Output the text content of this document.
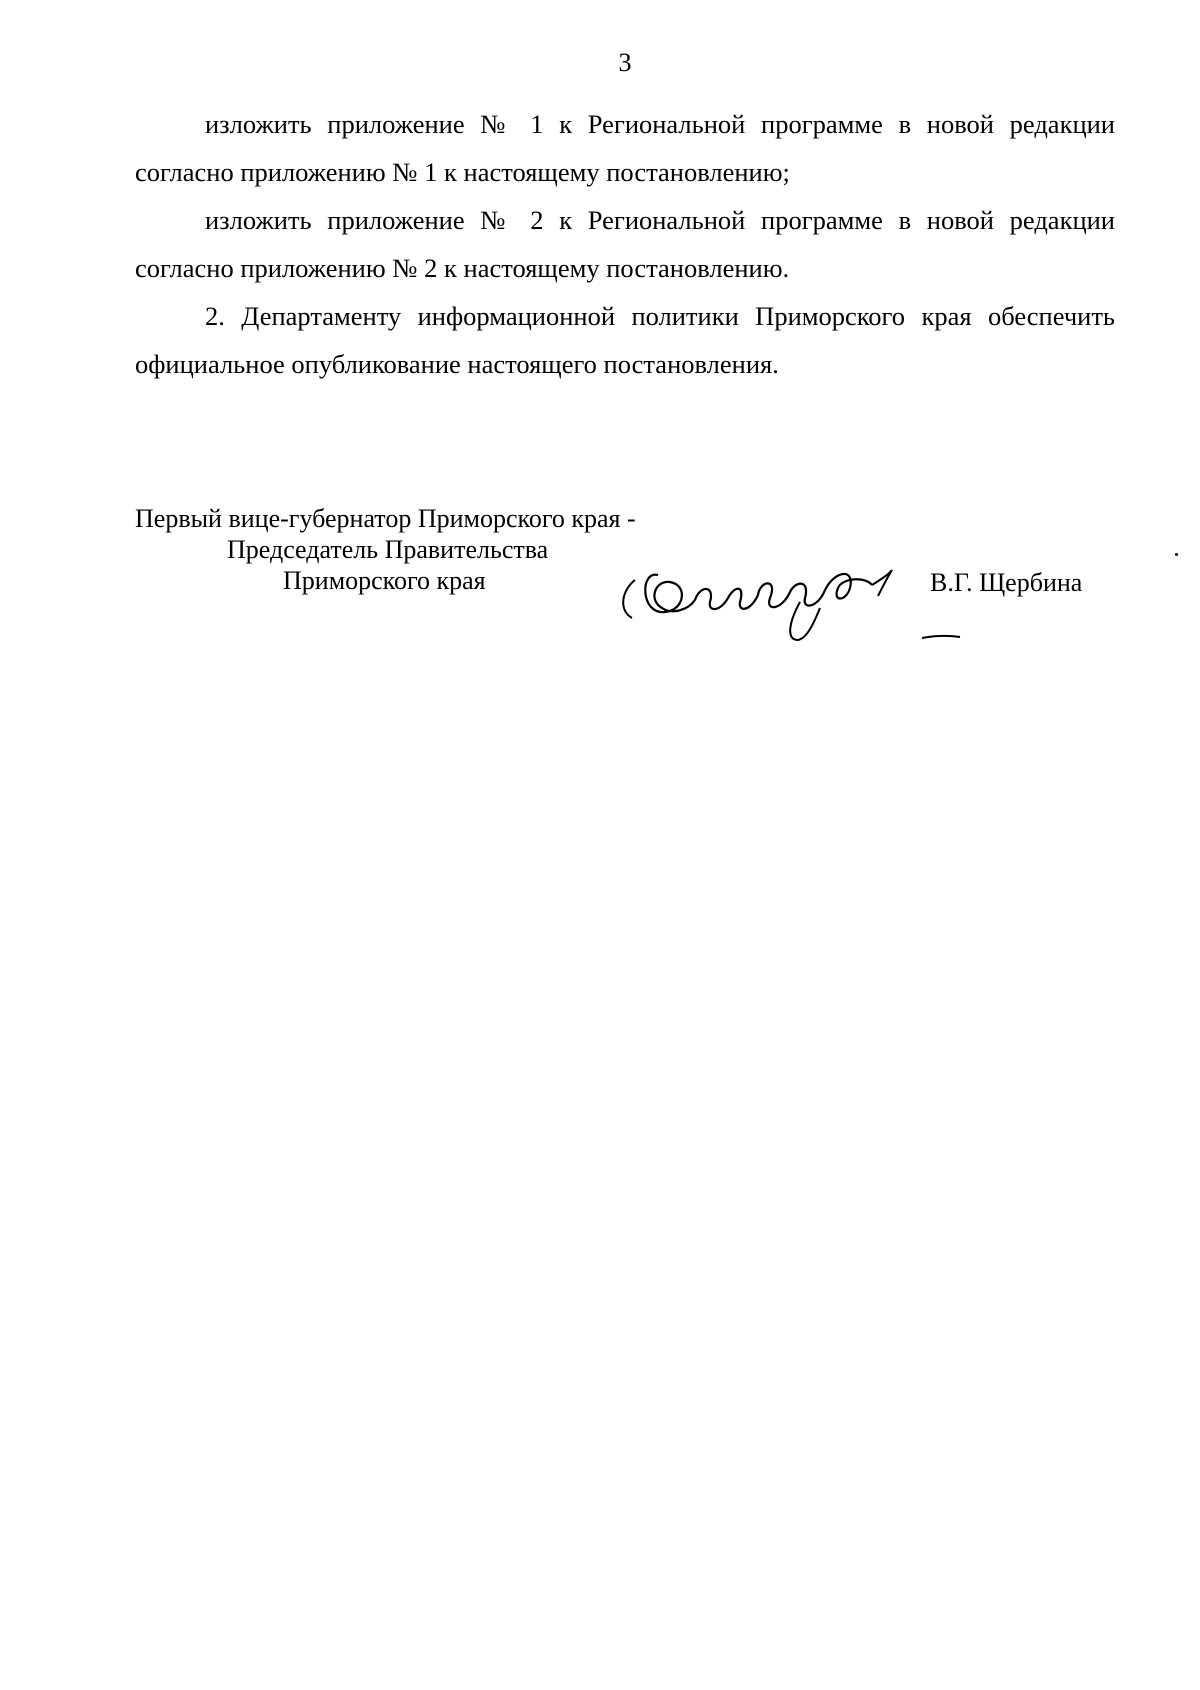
3

изложить приложение № 1 к Региональной программе в новой редакции согласно приложению № 1 к настоящему постановлению;

изложить приложение № 2 к Региональной программе в новой редакции согласно приложению № 2 к настоящему постановлению.

2. Департаменту информационной политики Приморского края обеспечить официальное опубликование настоящего постановления.

Первый вице-губернатор Приморского края -
Председатель Правительства
Приморского края	В.Г. Щербина
